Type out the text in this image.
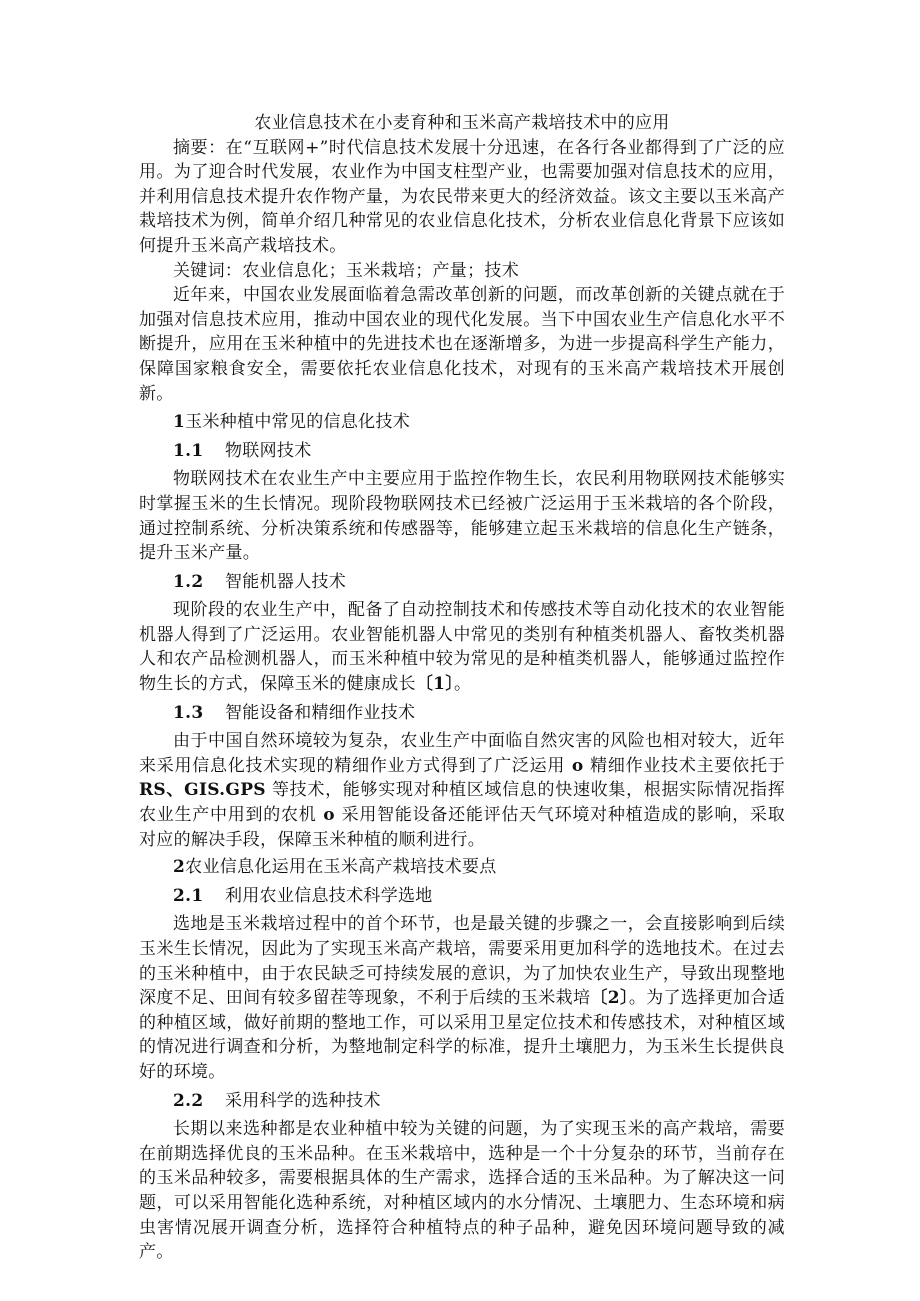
农业信息技术在小麦育种和玉米高产栽培技术中的应用

摘要：在“互联网+”时代信息技术发展十分迅速，在各行各业都得到了广泛的应用。为了迎合时代发展，农业作为中国支柱型产业，也需要加强对信息技术的应用，并利用信息技术提升农作物产量，为农民带来更大的经济效益。该文主要以玉米高产栽培技术为例，简单介绍几种常见的农业信息化技术，分析农业信息化背景下应该如何提升玉米高产栽培技术。

关键词：农业信息化；玉米栽培；产量；技术

近年来，中国农业发展面临着急需改革创新的问题，而改革创新的关键点就在于加强对信息技术应用，推动中国农业的现代化发展。当下中国农业生产信息化水平不断提升，应用在玉米种植中的先进技术也在逐渐增多，为进一步提高科学生产能力，保障国家粮食安全，需要依托农业信息化技术，对现有的玉米高产栽培技术开展创新。

1玉米种植中常见的信息化技术
1.1 物联网技术

物联网技术在农业生产中主要应用于监控作物生长，农民利用物联网技术能够实时掌握玉米的生长情况。现阶段物联网技术已经被广泛运用于玉米栽培的各个阶段，通过控制系统、分析决策系统和传感器等，能够建立起玉米栽培的信息化生产链条，提升玉米产量。

1.2 智能机器人技术

现阶段的农业生产中，配备了自动控制技术和传感技术等自动化技术的农业智能机器人得到了广泛运用。农业智能机器人中常见的类别有种植类机器人、畜牧类机器人和农产品检测机器人，而玉米种植中较为常见的是种植类机器人，能够通过监控作物生长的方式，保障玉米的健康成长〔1〕。

1.3 智能设备和精细作业技术

由于中国自然环境较为复杂，农业生产中面临自然灾害的风险也相对较大，近年来采用信息化技术实现的精细作业方式得到了广泛运用 o 精细作业技术主要依托于 RS、GIS.GPS 等技术，能够实现对种植区域信息的快速收集，根据实际情况指挥农业生产中用到的农机 o 采用智能设备还能评估天气环境对种植造成的影响，采取对应的解决手段，保障玉米种植的顺利进行。

2农业信息化运用在玉米高产栽培技术要点
2.1 利用农业信息技术科学选地

选地是玉米栽培过程中的首个环节，也是最关键的步骤之一，会直接影响到后续玉米生长情况，因此为了实现玉米高产栽培，需要采用更加科学的选地技术。在过去的玉米种植中，由于农民缺乏可持续发展的意识，为了加快农业生产，导致出现整地深度不足、田间有较多留茬等现象，不利于后续的玉米栽培〔2〕。为了选择更加合适的种植区域，做好前期的整地工作，可以采用卫星定位技术和传感技术，对种植区域的情况进行调查和分析，为整地制定科学的标准，提升土壤肥力，为玉米生长提供良好的环境。

2.2 采用科学的选种技术

长期以来选种都是农业种植中较为关键的问题，为了实现玉米的高产栽培，需要在前期选择优良的玉米品种。在玉米栽培中，选种是一个十分复杂的环节，当前存在的玉米品种较多，需要根据具体的生产需求，选择合适的玉米品种。为了解决这一问题，可以采用智能化选种系统，对种植区域内的水分情况、土壤肥力、生态环境和病虫害情况展开调查分析，选择符合种植特点的种子品种，避免因环境问题导致的减产。
